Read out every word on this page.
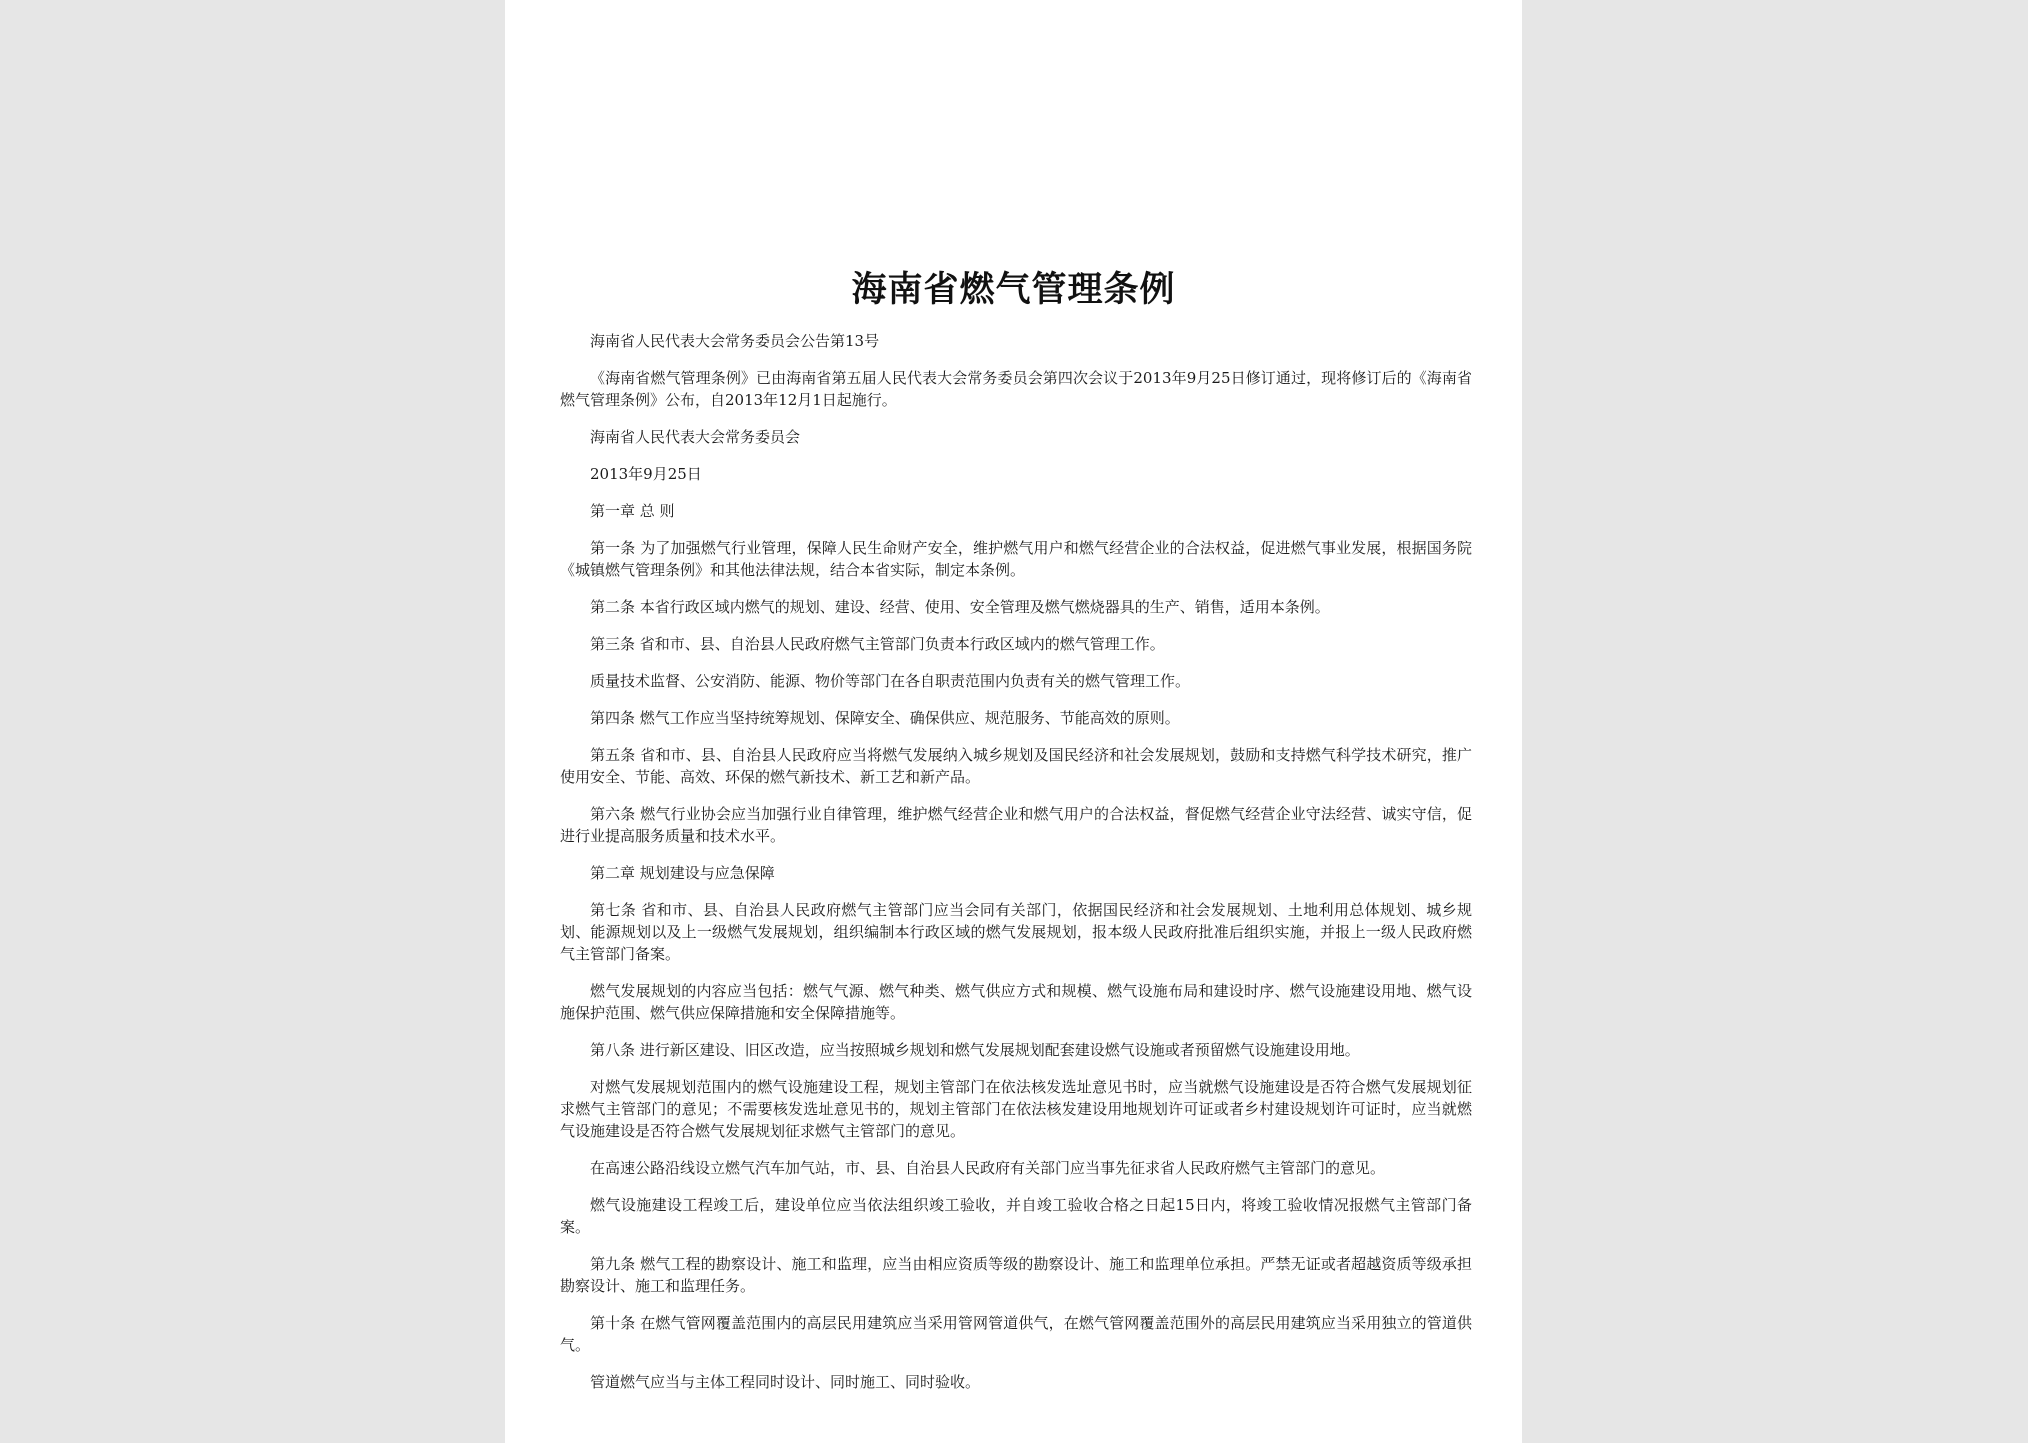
海南省燃气管理条例

海南省人民代表大会常务委员会公告第13号

《海南省燃气管理条例》已由海南省第五届人民代表大会常务委员会第四次会议于2013年9月25日修订通过，现将修订后的《海南省燃气管理条例》公布，自2013年12月1日起施行。

海南省人民代表大会常务委员会

2013年9月25日

第一章 总 则

第一条 为了加强燃气行业管理，保障人民生命财产安全，维护燃气用户和燃气经营企业的合法权益，促进燃气事业发展，根据国务院《城镇燃气管理条例》和其他法律法规，结合本省实际，制定本条例。

第二条 本省行政区域内燃气的规划、建设、经营、使用、安全管理及燃气燃烧器具的生产、销售，适用本条例。

第三条 省和市、县、自治县人民政府燃气主管部门负责本行政区域内的燃气管理工作。

质量技术监督、公安消防、能源、物价等部门在各自职责范围内负责有关的燃气管理工作。

第四条 燃气工作应当坚持统筹规划、保障安全、确保供应、规范服务、节能高效的原则。

第五条 省和市、县、自治县人民政府应当将燃气发展纳入城乡规划及国民经济和社会发展规划，鼓励和支持燃气科学技术研究，推广使用安全、节能、高效、环保的燃气新技术、新工艺和新产品。

第六条 燃气行业协会应当加强行业自律管理，维护燃气经营企业和燃气用户的合法权益，督促燃气经营企业守法经营、诚实守信，促进行业提高服务质量和技术水平。

第二章 规划建设与应急保障

第七条 省和市、县、自治县人民政府燃气主管部门应当会同有关部门，依据国民经济和社会发展规划、土地利用总体规划、城乡规划、能源规划以及上一级燃气发展规划，组织编制本行政区域的燃气发展规划，报本级人民政府批准后组织实施，并报上一级人民政府燃气主管部门备案。

燃气发展规划的内容应当包括：燃气气源、燃气种类、燃气供应方式和规模、燃气设施布局和建设时序、燃气设施建设用地、燃气设施保护范围、燃气供应保障措施和安全保障措施等。

第八条 进行新区建设、旧区改造，应当按照城乡规划和燃气发展规划配套建设燃气设施或者预留燃气设施建设用地。

对燃气发展规划范围内的燃气设施建设工程，规划主管部门在依法核发选址意见书时，应当就燃气设施建设是否符合燃气发展规划征求燃气主管部门的意见；不需要核发选址意见书的，规划主管部门在依法核发建设用地规划许可证或者乡村建设规划许可证时，应当就燃气设施建设是否符合燃气发展规划征求燃气主管部门的意见。

在高速公路沿线设立燃气汽车加气站，市、县、自治县人民政府有关部门应当事先征求省人民政府燃气主管部门的意见。

燃气设施建设工程竣工后，建设单位应当依法组织竣工验收，并自竣工验收合格之日起15日内，将竣工验收情况报燃气主管部门备案。

第九条 燃气工程的勘察设计、施工和监理，应当由相应资质等级的勘察设计、施工和监理单位承担。严禁无证或者超越资质等级承担勘察设计、施工和监理任务。

第十条 在燃气管网覆盖范围内的高层民用建筑应当采用管网管道供气，在燃气管网覆盖范围外的高层民用建筑应当采用独立的管道供气。

管道燃气应当与主体工程同时设计、同时施工、同时验收。
